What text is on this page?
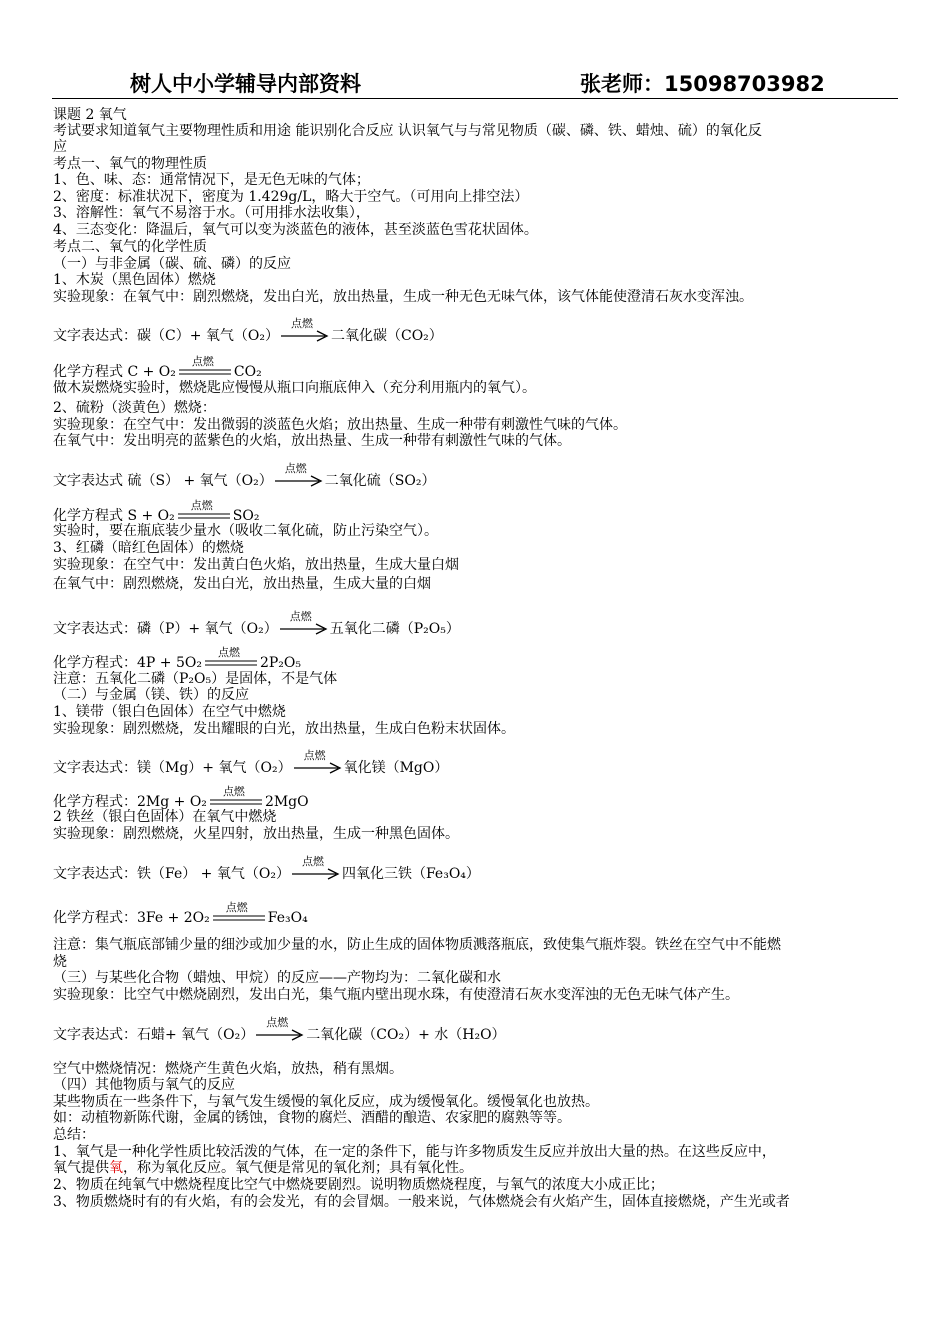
树人中小学辅导内部资料	张老师：15098703982
课题 2 氧气
考试要求知道氧气主要物理性质和用途 能识别化合反应 认识氧气与与常见物质（碳、磷、铁、蜡烛、硫）的氧化反
应
考点一、氧气的物理性质
1、色、味、态：通常情况下，是无色无味的气体；
2、密度：标准状况下，密度为 1.429g/L，略大于空气。（可用向上排空法）
3、溶解性：氧气不易溶于水。（可用排水法收集），
4、三态变化：降温后，氧气可以变为淡蓝色的液体，甚至淡蓝色雪花状固体。
考点二、氧气的化学性质
（一）与非金属（碳、硫、磷）的反应
1、木炭（黑色固体）燃烧
实验现象：在氧气中：剧烈燃烧，发出白光，放出热量，生成一种无色无味气体，该气体能使澄清石灰水变浑浊。
文字表达式：碳（C）+ 氧气（O₂）
点燃
二氧化碳（CO₂）
化学方程式 C + O₂
点燃
CO₂
做木炭燃烧实验时，燃烧匙应慢慢从瓶口向瓶底伸入（充分利用瓶内的氧气）。
2、硫粉（淡黄色）燃烧：
实验现象：在空气中：发出微弱的淡蓝色火焰；放出热量、生成一种带有刺激性气味的气体。
在氧气中：发出明亮的蓝紫色的火焰，放出热量、生成一种带有刺激性气味的气体。
文字表达式 硫（S） + 氧气（O₂）
点燃
二氧化硫（SO₂）
化学方程式 S + O₂
点燃
SO₂
实验时，要在瓶底装少量水（吸收二氧化硫，防止污染空气）。
3、红磷（暗红色固体）的燃烧
实验现象：在空气中：发出黄白色火焰，放出热量，生成大量白烟
在氧气中：剧烈燃烧，发出白光，放出热量，生成大量的白烟
文字表达式：磷（P）+ 氧气（O₂）
点燃
五氧化二磷（P₂O₅）
化学方程式：4P + 5O₂
点燃
2P₂O₅
注意：五氧化二磷（P₂O₅）是固体，不是气体
（二）与金属（镁、铁）的反应
1、镁带（银白色固体）在空气中燃烧
实验现象：剧烈燃烧，发出耀眼的白光，放出热量，生成白色粉末状固体。
文字表达式：镁（Mg）+ 氧气（O₂）
点燃
氧化镁（MgO）
化学方程式：2Mg + O₂
点燃
2MgO
2 铁丝（银白色固体）在氧气中燃烧
实验现象：剧烈燃烧，火星四射，放出热量，生成一种黑色固体。
文字表达式：铁（Fe） + 氧气（O₂）
点燃
四氧化三铁（Fe₃O₄）
化学方程式：3Fe + 2O₂
点燃
Fe₃O₄
注意：集气瓶底部铺少量的细沙或加少量的水，防止生成的固体物质溅落瓶底，致使集气瓶炸裂。铁丝在空气中不能燃
烧
（三）与某些化合物（蜡烛、甲烷）的反应——产物均为：二氧化碳和水
实验现象：比空气中燃烧剧烈，发出白光，集气瓶内壁出现水珠，有使澄清石灰水变浑浊的无色无味气体产生。
文字表达式：石蜡+ 氧气（O₂）
点燃
二氧化碳（CO₂）+ 水（H₂O）
空气中燃烧情况：燃烧产生黄色火焰，放热，稍有黑烟。
（四）其他物质与氧气的反应
某些物质在一些条件下，与氧气发生缓慢的氧化反应，成为缓慢氧化。缓慢氧化也放热。
如：动植物新陈代谢，金属的锈蚀，食物的腐烂、酒醋的酿造、农家肥的腐熟等等。
总结：
1、氧气是一种化学性质比较活泼的气体，在一定的条件下，能与许多物质发生反应并放出大量的热。在这些反应中，
氧气提供氧，称为氧化反应。氧气便是常见的氧化剂；具有氧化性。
2、物质在纯氧气中燃烧程度比空气中燃烧要剧烈。说明物质燃烧程度，与氧气的浓度大小成正比；
3、物质燃烧时有的有火焰，有的会发光，有的会冒烟。一般来说，气体燃烧会有火焰产生，固体直接燃烧，产生光或者
